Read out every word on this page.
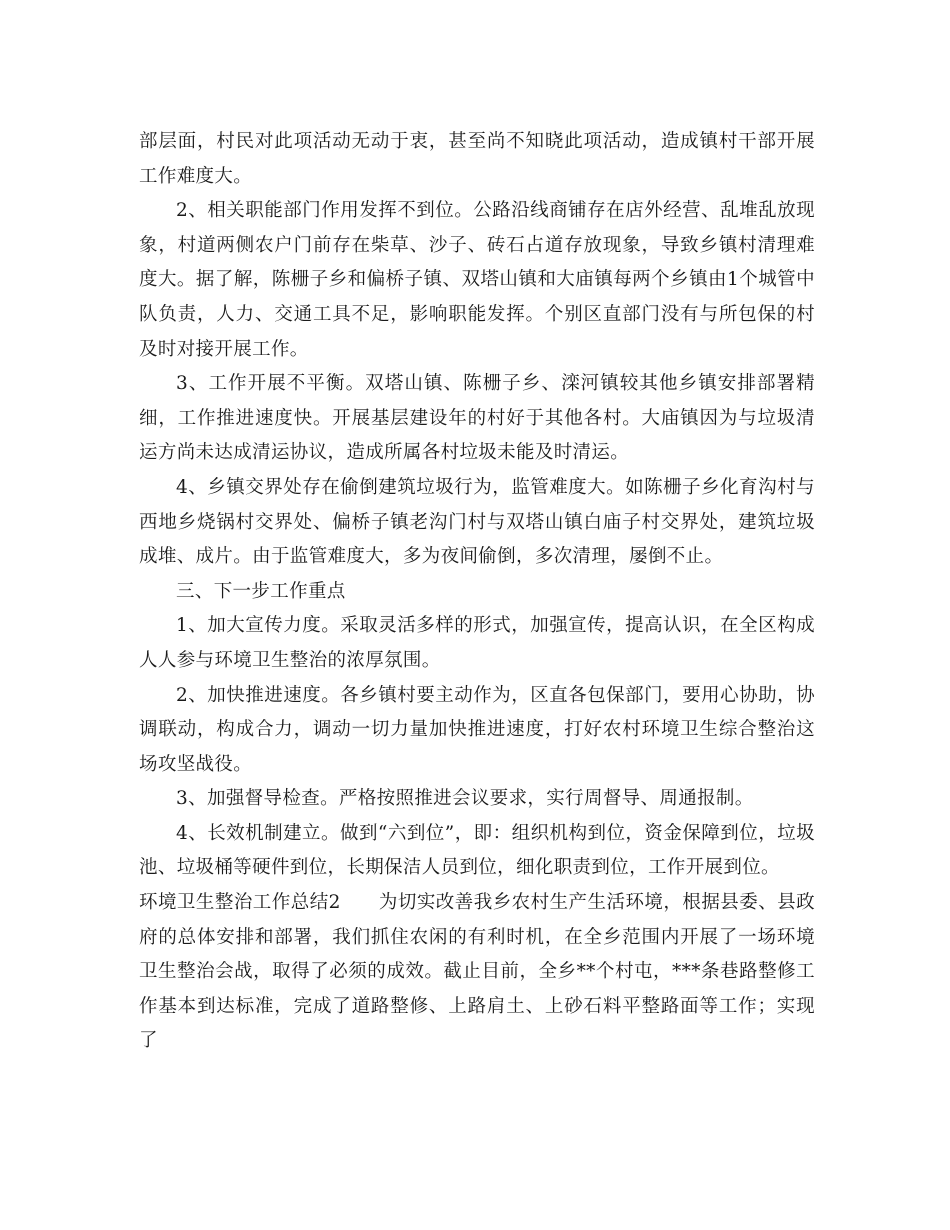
部层面，村民对此项活动无动于衷，甚至尚不知晓此项活动，造成镇村干部开展工作难度大。

2、相关职能部门作用发挥不到位。公路沿线商铺存在店外经营、乱堆乱放现象，村道两侧农户门前存在柴草、沙子、砖石占道存放现象，导致乡镇村清理难度大。据了解，陈栅子乡和偏桥子镇、双塔山镇和大庙镇每两个乡镇由1个城管中队负责，人力、交通工具不足，影响职能发挥。个别区直部门没有与所包保的村及时对接开展工作。

3、工作开展不平衡。双塔山镇、陈栅子乡、滦河镇较其他乡镇安排部署精细，工作推进速度快。开展基层建设年的村好于其他各村。大庙镇因为与垃圾清运方尚未达成清运协议，造成所属各村垃圾未能及时清运。

4、乡镇交界处存在偷倒建筑垃圾行为，监管难度大。如陈栅子乡化育沟村与西地乡烧锅村交界处、偏桥子镇老沟门村与双塔山镇白庙子村交界处，建筑垃圾成堆、成片。由于监管难度大，多为夜间偷倒，多次清理，屡倒不止。

三、下一步工作重点

1、加大宣传力度。采取灵活多样的形式，加强宣传，提高认识，在全区构成人人参与环境卫生整治的浓厚氛围。

2、加快推进速度。各乡镇村要主动作为，区直各包保部门，要用心协助，协调联动，构成合力，调动一切力量加快推进速度，打好农村环境卫生综合整治这场攻坚战役。

3、加强督导检查。严格按照推进会议要求，实行周督导、周通报制。

4、长效机制建立。做到“六到位”，即：组织机构到位，资金保障到位，垃圾池、垃圾桶等硬件到位，长期保洁人员到位，细化职责到位，工作开展到位。

环境卫生整治工作总结2 为切实改善我乡农村生产生活环境，根据县委、县政府的总体安排和部署，我们抓住农闲的有利时机，在全乡范围内开展了一场环境卫生整治会战，取得了必须的成效。截止目前，全乡**个村屯，***条巷路整修工作基本到达标准，完成了道路整修、上路肩土、上砂石料平整路面等工作；实现了
